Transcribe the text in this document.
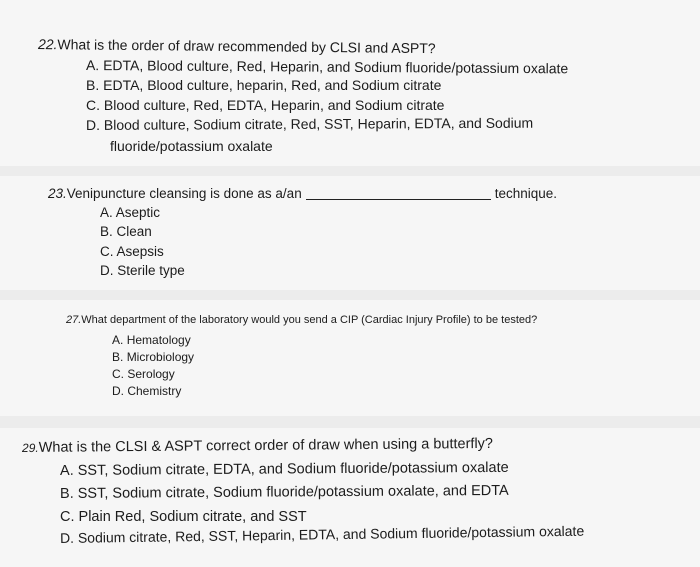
22.What is the order of draw recommended by CLSI and ASPT?
A. EDTA, Blood culture, Red, Heparin, and Sodium fluoride/potassium oxalate
B. EDTA, Blood culture, heparin, Red, and Sodium citrate
C. Blood culture, Red, EDTA, Heparin, and Sodium citrate
D. Blood culture, Sodium citrate, Red, SST, Heparin, EDTA, and Sodium
fluoride/potassium oxalate
23.Venipuncture cleansing is done as a/an	technique.
A. Aseptic
B. Clean
C. Asepsis
D. Sterile type
27.What department of the laboratory would you send a CIP (Cardiac Injury Profile) to be tested?
A. Hematology
B. Microbiology
C. Serology
D. Chemistry
29.What is the CLSI & ASPT correct order of draw when using a butterfly?
A. SST, Sodium citrate, EDTA, and Sodium fluoride/potassium oxalate
B. SST, Sodium citrate, Sodium fluoride/potassium oxalate, and EDTA
C. Plain Red, Sodium citrate, and SST
D. Sodium citrate, Red, SST, Heparin, EDTA, and Sodium fluoride/potassium oxalate
